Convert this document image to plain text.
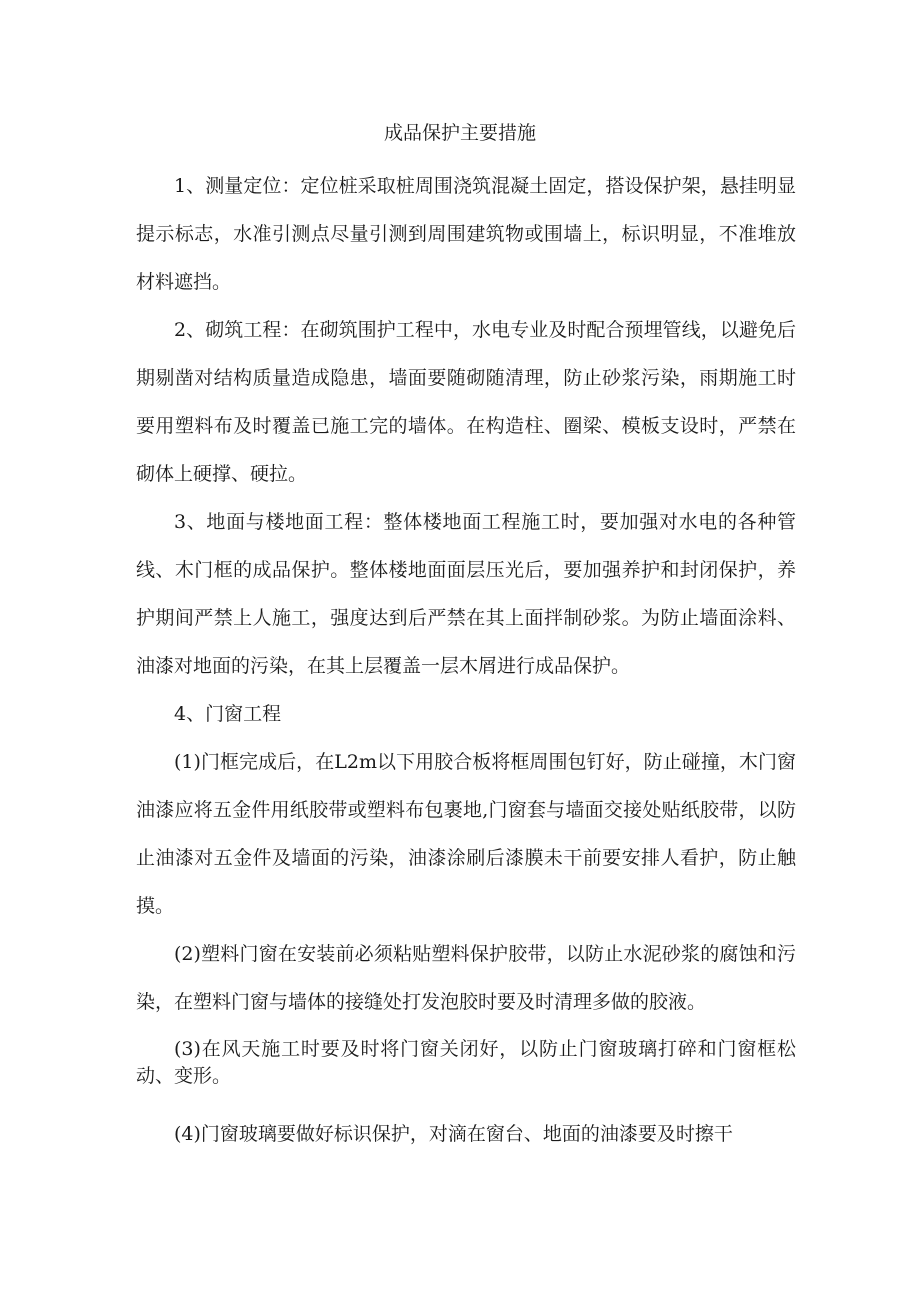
成品保护主要措施

1、测量定位：定位桩采取桩周围浇筑混凝土固定，搭设保护架，悬挂明显提示标志，水准引测点尽量引测到周围建筑物或围墙上，标识明显，不准堆放材料遮挡。

2、砌筑工程：在砌筑围护工程中，水电专业及时配合预埋管线，以避免后期剔凿对结构质量造成隐患，墙面要随砌随清理，防止砂浆污染，雨期施工时要用塑料布及时覆盖已施工完的墙体。在构造柱、圈梁、模板支设时，严禁在砌体上硬撑、硬拉。

3、地面与楼地面工程：整体楼地面工程施工时，要加强对水电的各种管线、木门框的成品保护。整体楼地面面层压光后，要加强养护和封闭保护，养护期间严禁上人施工，强度达到后严禁在其上面拌制砂浆。为防止墙面涂料、油漆对地面的污染，在其上层覆盖一层木屑进行成品保护。

4、门窗工程

(1)门框完成后，在L2m以下用胶合板将框周围包钉好，防止碰撞，木门窗油漆应将五金件用纸胶带或塑料布包裹地,门窗套与墙面交接处贴纸胶带，以防止油漆对五金件及墙面的污染，油漆涂刷后漆膜未干前要安排人看护，防止触摸。

(2)塑料门窗在安装前必须粘贴塑料保护胶带，以防止水泥砂浆的腐蚀和污染，在塑料门窗与墙体的接缝处打发泡胶时要及时清理多做的胶液。

(3)在风天施工时要及时将门窗关闭好，以防止门窗玻璃打碎和门窗框松动、变形。

(4)门窗玻璃要做好标识保护，对滴在窗台、地面的油漆要及时擦干
